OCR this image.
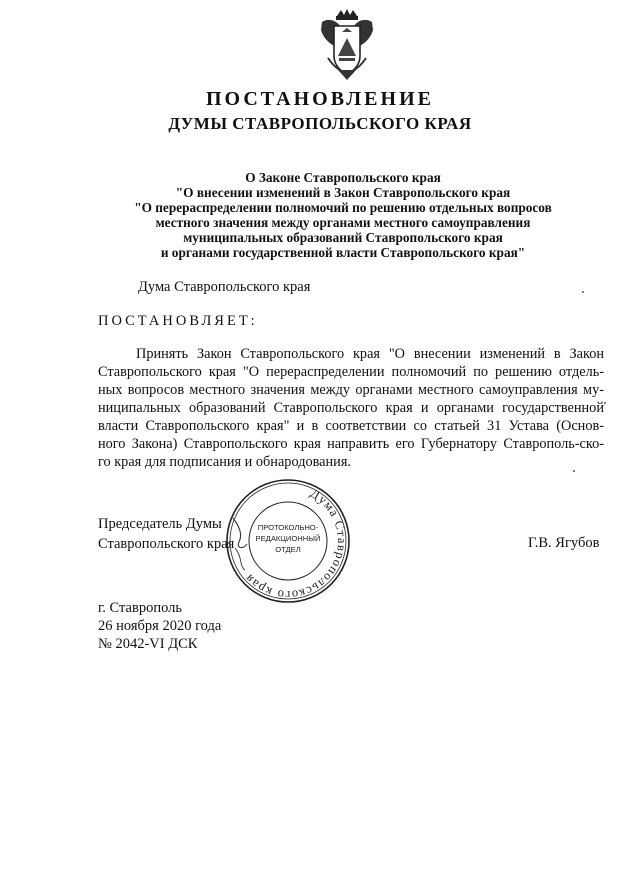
ПОСТАНОВЛЕНИЕ
ДУМЫ СТАВРОПОЛЬСКОГО КРАЯ
О Законе Ставропольского края
"О внесении изменений в Закон Ставропольского края
"О перераспределении полномочий по решению отдельных вопросов
местного значения между органами местного самоуправления
муниципальных образований Ставропольского края
и органами государственной власти Ставропольского края"
Дума Ставропольского края
ПОСТАНОВЛЯЕТ:
Принять Закон Ставропольского края "О внесении изменений в Закон
Ставропольского края "О перераспределении полномочий по решению отдель-
ных вопросов местного значения между органами местного самоуправления му-
ниципальных образований Ставропольского края и органами государственной
власти Ставропольского края" и в соответствии со статьей 31 Устава (Основ-
ного Закона) Ставропольского края направить его Губернатору Ставрополь-ско-
го края для подписания и обнародования.
Председатель Думы
Ставропольского края	Г.В. Ягубов
Дума Ставропольского края
ПРОТОКОЛЬНО-
РЕДАКЦИОННЫЙ
ОТДЕЛ
г. Ставрополь
26 ноября 2020 года
№ 2042-VI ДСК
